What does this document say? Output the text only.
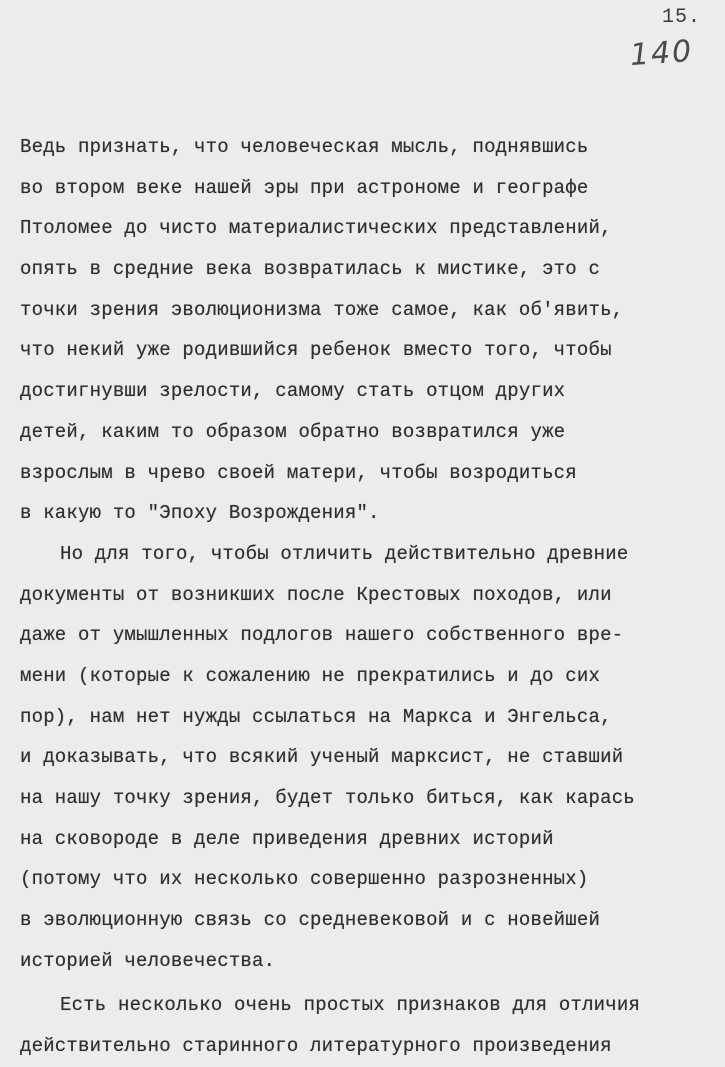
15.
140
Ведь признать, что человеческая мысль, поднявшись
во втором веке нашей эры при астрономе и географе
Птоломее до чисто материалистических представлений,
опять в средние века возвратилась к мистике, это с
точки зрения эволюционизма тоже самое, как об'явить,
что некий уже родившийся ребенок вместо того, чтобы
достигнувши зрелости, самому стать отцом других
детей, каким то образом обратно возвратился уже
взрослым в чрево своей матери, чтобы возродиться
в какую то "Эпоху Возрождения".
Но для того, чтобы отличить действительно древние
документы от возникших после Крестовых походов, или
даже от умышленных подлогов нашего собственного вре-
мени (которые к сожалению не прекратились и до сих
пор), нам нет нужды ссылаться на Маркса и Энгельса,
и доказывать, что всякий ученый марксист, не ставший
на нашу точку зрения, будет только биться, как карась
на сковороде в деле приведения древних историй
(потому что их несколько совершенно разрозненных)
в эволюционную связь со средневековой и с новейшей
историей человечества.
Есть несколько очень простых признаков для отличия
действительно старинного литературного произведения
